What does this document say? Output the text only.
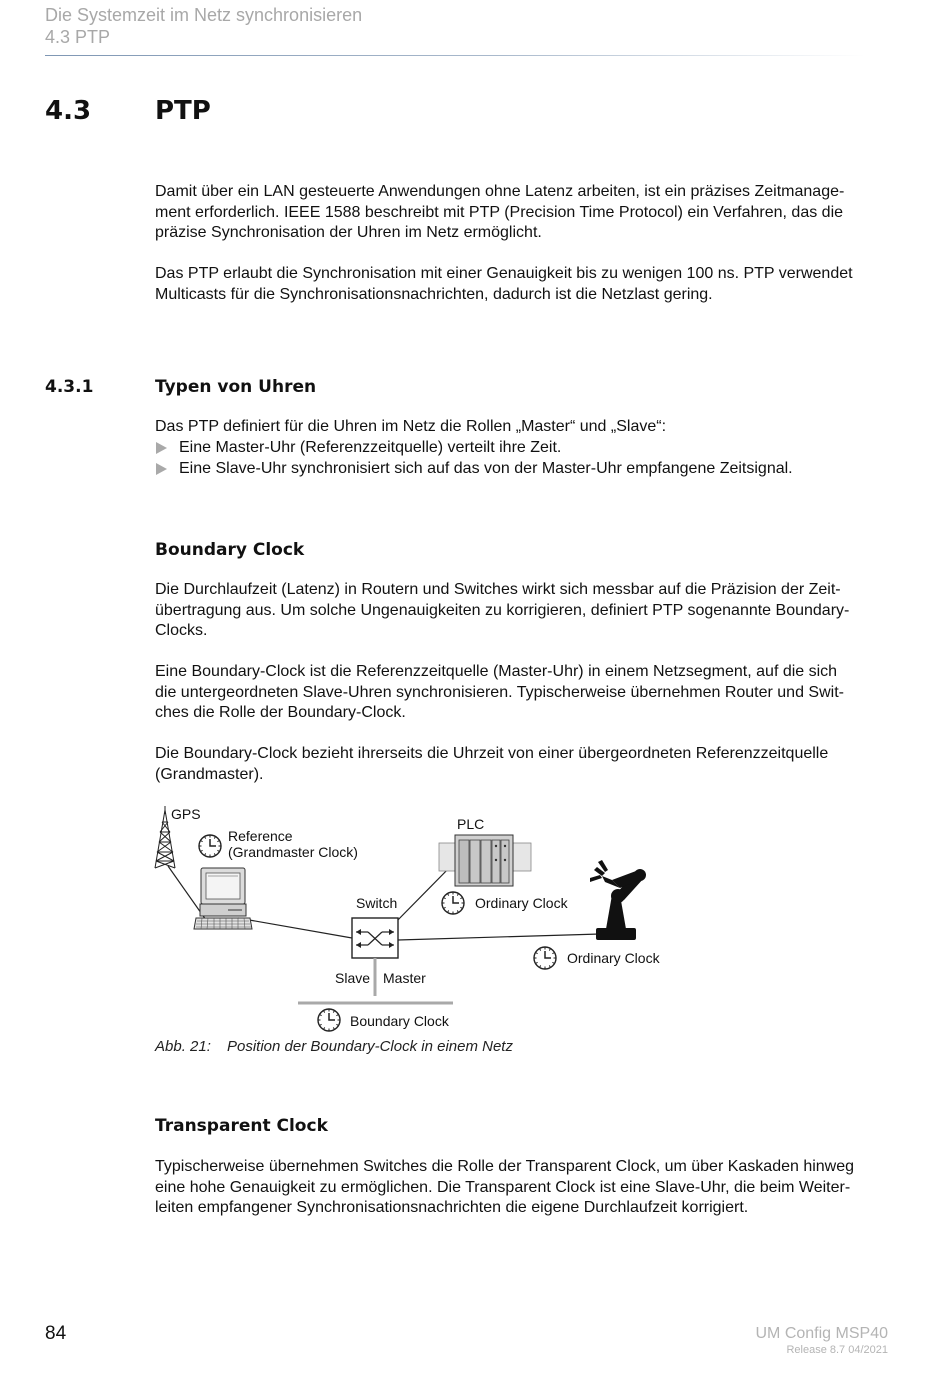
Die Systemzeit im Netz synchronisieren
4.3 PTP
4.3 PTP
Damit über ein LAN gesteuerte Anwendungen ohne Latenz arbeiten, ist ein präzises Zeitmanage-
ment erforderlich. IEEE 1588 beschreibt mit PTP (Precision Time Protocol) ein Verfahren, das die
präzise Synchronisation der Uhren im Netz ermöglicht.
Das PTP erlaubt die Synchronisation mit einer Genauigkeit bis zu wenigen 100 ns. PTP verwendet
Multicasts für die Synchronisationsnachrichten, dadurch ist die Netzlast gering.
4.3.1	Typen von Uhren
Das PTP definiert für die Uhren im Netz die Rollen „Master“ und „Slave“:
Eine Master-Uhr (Referenzzeitquelle) verteilt ihre Zeit.
Eine Slave-Uhr synchronisiert sich auf das von der Master-Uhr empfangene Zeitsignal.
Boundary Clock
Die Durchlaufzeit (Latenz) in Routern und Switches wirkt sich messbar auf die Präzision der Zeit-
übertragung aus. Um solche Ungenauigkeiten zu korrigieren, definiert PTP sogenannte Boundary-
Clocks.
Eine Boundary-Clock ist die Referenzzeitquelle (Master-Uhr) in einem Netzsegment, auf die sich
die untergeordneten Slave-Uhren synchronisieren. Typischerweise übernehmen Router und Swit-
ches die Rolle der Boundary-Clock.
Die Boundary-Clock bezieht ihrerseits die Uhrzeit von einer übergeordneten Referenzzeitquelle
(Grandmaster).
GPS
Reference
(Grandmaster Clock)
PLC
Switch
Slave Master
Ordinary Clock
Ordinary Clock
Boundary Clock
Abb. 21: Position der Boundary-Clock in einem Netz
Transparent Clock
Typischerweise übernehmen Switches die Rolle der Transparent Clock, um über Kaskaden hinweg
eine hohe Genauigkeit zu ermöglichen. Die Transparent Clock ist eine Slave-Uhr, die beim Weiter-
leiten empfangener Synchronisationsnachrichten die eigene Durchlaufzeit korrigiert.
84	UM Config MSP40
Release 8.7 04/2021
